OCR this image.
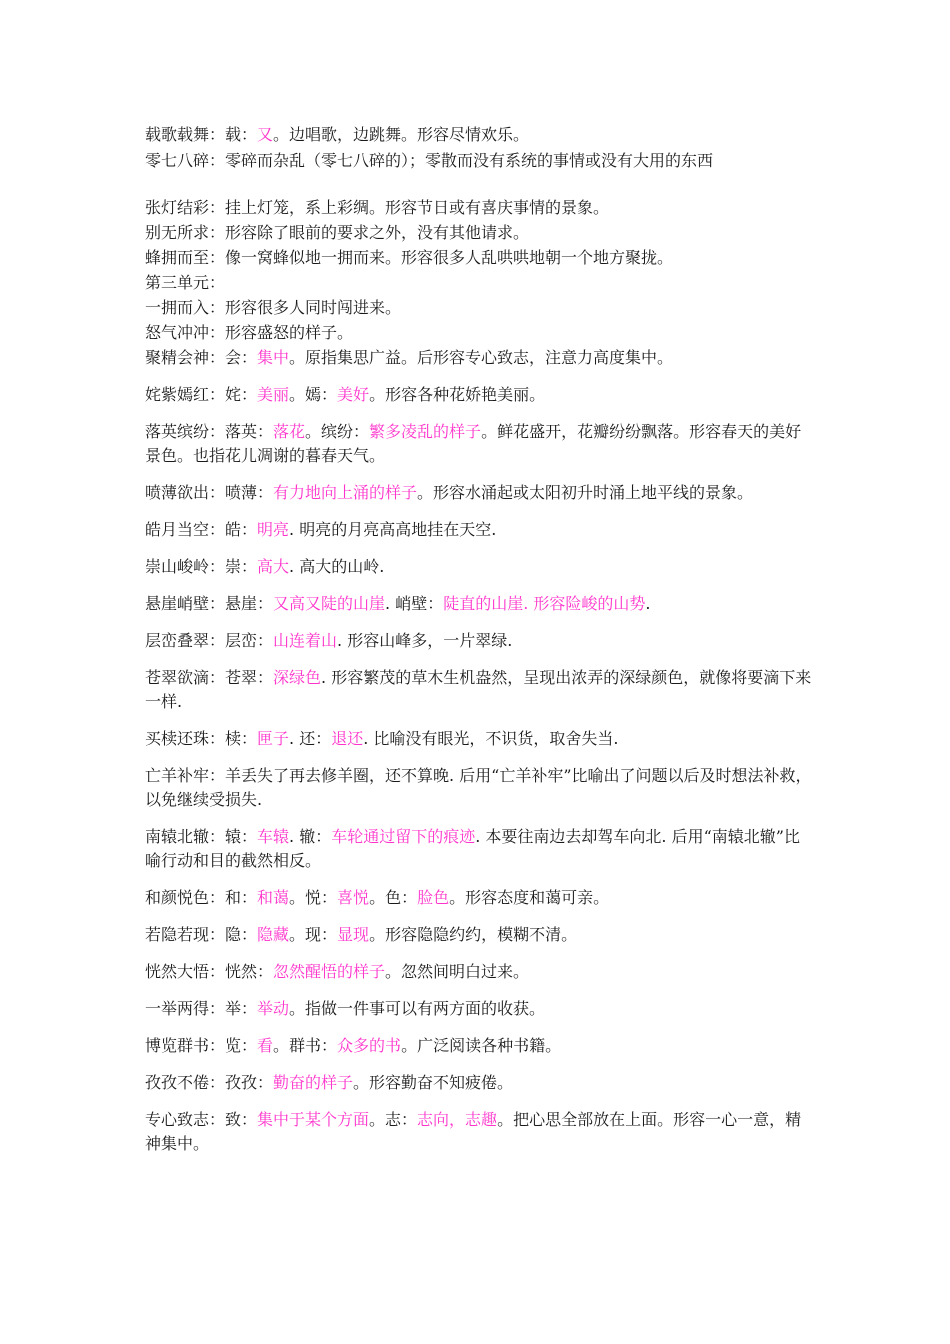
载歌载舞：载：又。边唱歌，边跳舞。形容尽情欢乐。
零七八碎：零碎而杂乱（零七八碎的）；零散而没有系统的事情或没有大用的东西
张灯结彩：挂上灯笼，系上彩绸。形容节日或有喜庆事情的景象。
别无所求：形容除了眼前的要求之外，没有其他请求。
蜂拥而至：像一窝蜂似地一拥而来。形容很多人乱哄哄地朝一个地方聚拢。
第三单元：
一拥而入：形容很多人同时闯进来。
怒气冲冲：形容盛怒的样子。
聚精会神：会：集中。原指集思广益。后形容专心致志，注意力高度集中。
姹紫嫣红：姹：美丽。嫣：美好。形容各种花娇艳美丽。
落英缤纷：落英：落花。缤纷：繁多凌乱的样子。鲜花盛开，花瓣纷纷飘落。形容春天的美好景色。也指花儿凋谢的暮春天气。
喷薄欲出：喷薄：有力地向上涌的样子。形容水涌起或太阳初升时涌上地平线的景象。
皓月当空：皓：明亮. 明亮的月亮高高地挂在天空.
崇山峻岭：崇：高大. 高大的山岭.
悬崖峭壁：悬崖：又高又陡的山崖. 峭壁：陡直的山崖. 形容险峻的山势.
层峦叠翠：层峦：山连着山. 形容山峰多，一片翠绿.
苍翠欲滴：苍翠：深绿色. 形容繁茂的草木生机盎然，呈现出浓弄的深绿颜色，就像将要滴下来一样.
买椟还珠：椟：匣子. 还：退还. 比喻没有眼光，不识货，取舍失当.
亡羊补牢：羊丢失了再去修羊圈，还不算晚. 后用“亡羊补牢”比喻出了问题以后及时想法补救，以免继续受损失.
南辕北辙：辕：车辕. 辙：车轮通过留下的痕迹. 本要往南边去却驾车向北. 后用“南辕北辙”比喻行动和目的截然相反。
和颜悦色：和：和蔼。悦：喜悦。色：脸色。形容态度和蔼可亲。
若隐若现：隐：隐藏。现：显现。形容隐隐约约，模糊不清。
恍然大悟：恍然：忽然醒悟的样子。忽然间明白过来。
一举两得：举：举动。指做一件事可以有两方面的收获。
博览群书：览：看。群书：众多的书。广泛阅读各种书籍。
孜孜不倦：孜孜：勤奋的样子。形容勤奋不知疲倦。
专心致志：致：集中于某个方面。志：志向，志趣。把心思全部放在上面。形容一心一意，精神集中。
